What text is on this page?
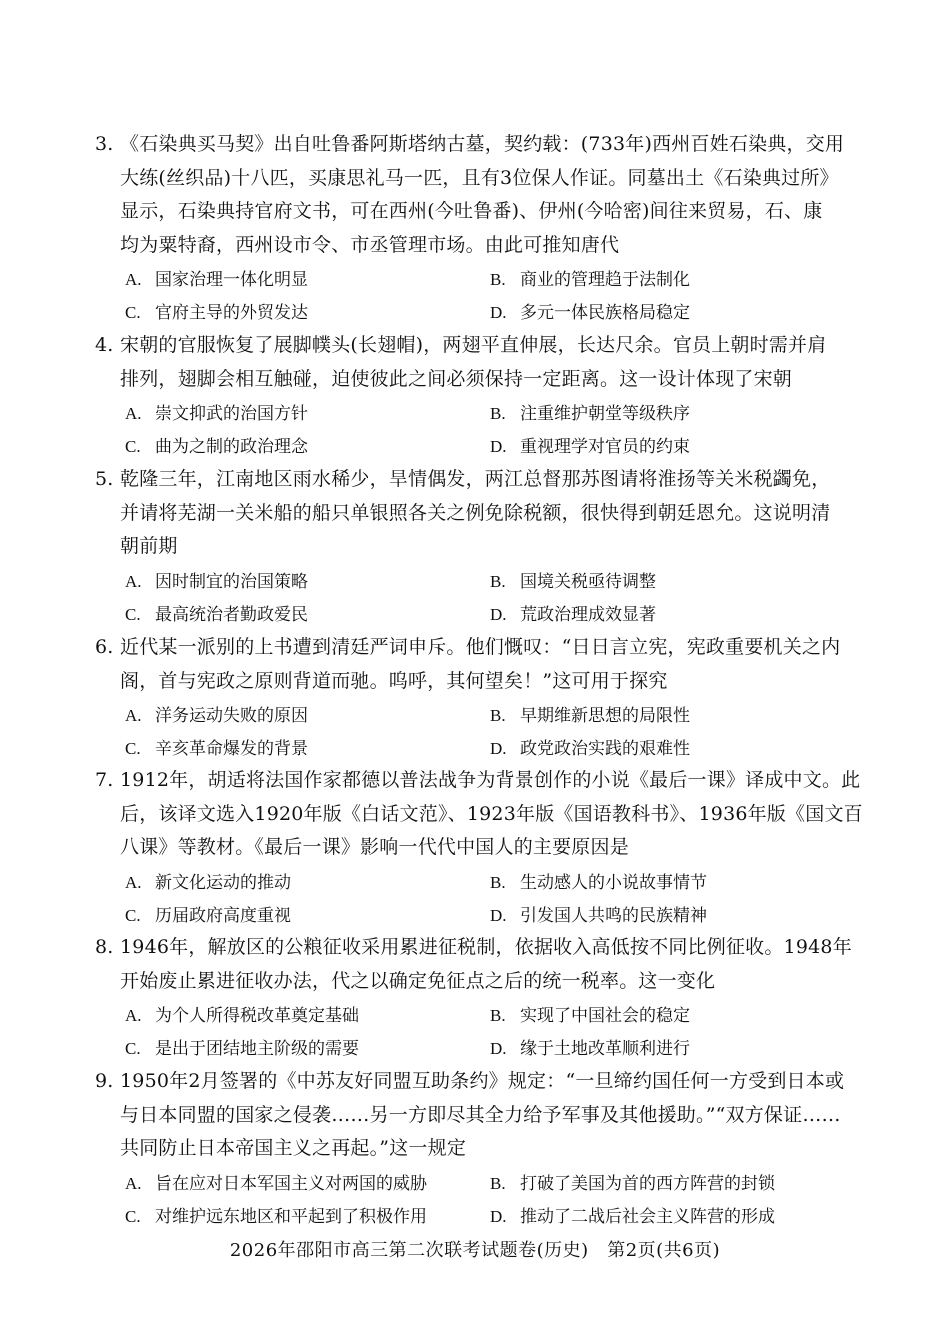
3. 《石染典买马契》出自吐鲁番阿斯塔纳古墓，契约载：(733年)西州百姓石染典，交用
大练(丝织品)十八匹，买康思礼马一匹，且有3位保人作证。同墓出土《石染典过所》
显示，石染典持官府文书，可在西州(今吐鲁番)、伊州(今哈密)间往来贸易，石、康
均为粟特裔，西州设市令、市丞管理市场。由此可推知唐代
A. 国家治理一体化明显	B. 商业的管理趋于法制化
C. 官府主导的外贸发达	D. 多元一体民族格局稳定
4. 宋朝的官服恢复了展脚幞头(长翅帽)，两翅平直伸展，长达尺余。官员上朝时需并肩
排列，翅脚会相互触碰，迫使彼此之间必须保持一定距离。这一设计体现了宋朝
A. 崇文抑武的治国方针	B. 注重维护朝堂等级秩序
C. 曲为之制的政治理念	D. 重视理学对官员的约束
5. 乾隆三年，江南地区雨水稀少，旱情偶发，两江总督那苏图请将淮扬等关米税蠲免，
并请将芜湖一关米船的船只单银照各关之例免除税额，很快得到朝廷恩允。这说明清
朝前期
A. 因时制宜的治国策略	B. 国境关税亟待调整
C. 最高统治者勤政爱民	D. 荒政治理成效显著
6. 近代某一派别的上书遭到清廷严词申斥。他们慨叹：“日日言立宪，宪政重要机关之内
阁，首与宪政之原则背道而驰。呜呼，其何望矣！”这可用于探究
A. 洋务运动失败的原因	B. 早期维新思想的局限性
C. 辛亥革命爆发的背景	D. 政党政治实践的艰难性
7. 1912年，胡适将法国作家都德以普法战争为背景创作的小说《最后一课》译成中文。此
后，该译文选入1920年版《白话文范》、1923年版《国语教科书》、1936年版《国文百
八课》等教材。《最后一课》影响一代代中国人的主要原因是
A. 新文化运动的推动	B. 生动感人的小说故事情节
C. 历届政府高度重视	D. 引发国人共鸣的民族精神
8. 1946年，解放区的公粮征收采用累进征税制，依据收入高低按不同比例征收。1948年
开始废止累进征收办法，代之以确定免征点之后的统一税率。这一变化
A. 为个人所得税改革奠定基础	B. 实现了中国社会的稳定
C. 是出于团结地主阶级的需要	D. 缘于土地改革顺利进行
9. 1950年2月签署的《中苏友好同盟互助条约》规定：“一旦缔约国任何一方受到日本或
与日本同盟的国家之侵袭……另一方即尽其全力给予军事及其他援助。”“双方保证……
共同防止日本帝国主义之再起。”这一规定
A. 旨在应对日本军国主义对两国的威胁	B. 打破了美国为首的西方阵营的封锁
C. 对维护远东地区和平起到了积极作用	D. 推动了二战后社会主义阵营的形成
2026年邵阳市高三第二次联考试题卷(历史)　第2页(共6页)
